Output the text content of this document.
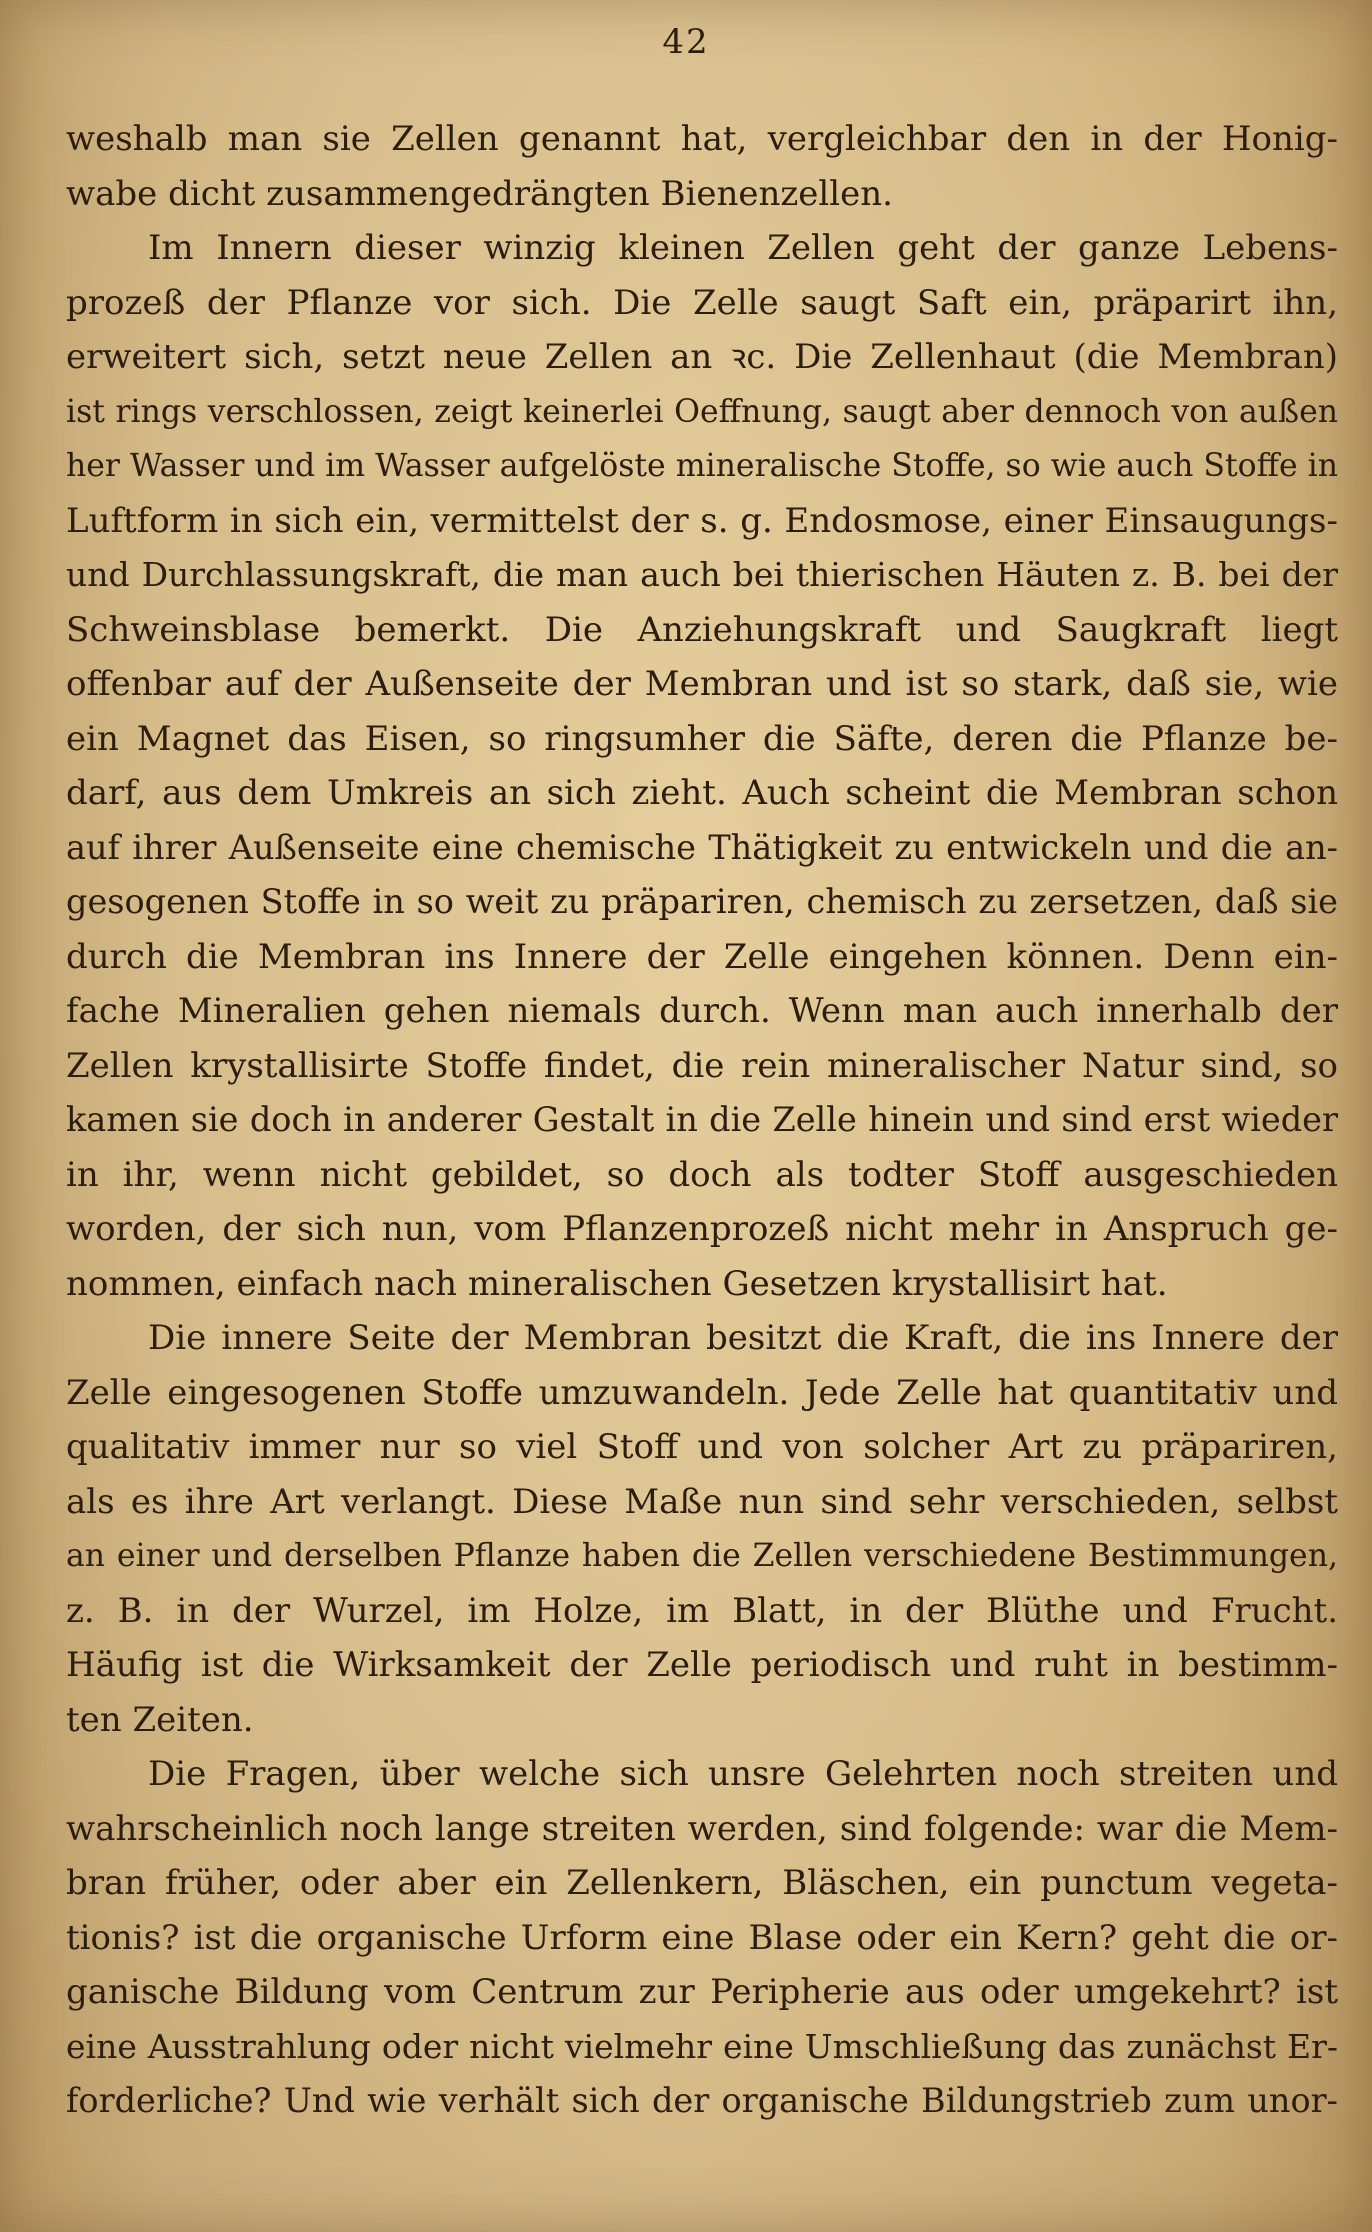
42

weshalb man sie Zellen genannt hat, vergleichbar den in der Honig-
wabe dicht zusammengedrängten Bienenzellen.

Im Innern dieser winzig kleinen Zellen geht der ganze Lebens-
prozeß der Pflanze vor sich. Die Zelle saugt Saft ein, präparirt ihn,
erweitert sich, setzt neue Zellen an ꝛc. Die Zellenhaut (die Membran)
ist rings verschlossen, zeigt keinerlei Oeffnung, saugt aber dennoch von außen
her Wasser und im Wasser aufgelöste mineralische Stoffe, so wie auch Stoffe in
Luftform in sich ein, vermittelst der s. g. Endosmose, einer Einsaugungs-
und Durchlassungskraft, die man auch bei thierischen Häuten z. B. bei der
Schweinsblase bemerkt. Die Anziehungskraft und Saugkraft liegt
offenbar auf der Außenseite der Membran und ist so stark, daß sie, wie
ein Magnet das Eisen, so ringsumher die Säfte, deren die Pflanze be-
darf, aus dem Umkreis an sich zieht. Auch scheint die Membran schon
auf ihrer Außenseite eine chemische Thätigkeit zu entwickeln und die an-
gesogenen Stoffe in so weit zu präpariren, chemisch zu zersetzen, daß sie
durch die Membran ins Innere der Zelle eingehen können. Denn ein-
fache Mineralien gehen niemals durch. Wenn man auch innerhalb der
Zellen krystallisirte Stoffe findet, die rein mineralischer Natur sind, so
kamen sie doch in anderer Gestalt in die Zelle hinein und sind erst wieder
in ihr, wenn nicht gebildet, so doch als todter Stoff ausgeschieden
worden, der sich nun, vom Pflanzenprozeß nicht mehr in Anspruch ge-
nommen, einfach nach mineralischen Gesetzen krystallisirt hat.

Die innere Seite der Membran besitzt die Kraft, die ins Innere der
Zelle eingesogenen Stoffe umzuwandeln. Jede Zelle hat quantitativ und
qualitativ immer nur so viel Stoff und von solcher Art zu präpariren,
als es ihre Art verlangt. Diese Maße nun sind sehr verschieden, selbst
an einer und derselben Pflanze haben die Zellen verschiedene Bestimmungen,
z. B. in der Wurzel, im Holze, im Blatt, in der Blüthe und Frucht.
Häufig ist die Wirksamkeit der Zelle periodisch und ruht in bestimm-
ten Zeiten.

Die Fragen, über welche sich unsre Gelehrten noch streiten und
wahrscheinlich noch lange streiten werden, sind folgende: war die Mem-
bran früher, oder aber ein Zellenkern, Bläschen, ein punctum vegeta-
tionis? ist die organische Urform eine Blase oder ein Kern? geht die or-
ganische Bildung vom Centrum zur Peripherie aus oder umgekehrt? ist
eine Ausstrahlung oder nicht vielmehr eine Umschließung das zunächst Er-
forderliche? Und wie verhält sich der organische Bildungstrieb zum unor-
